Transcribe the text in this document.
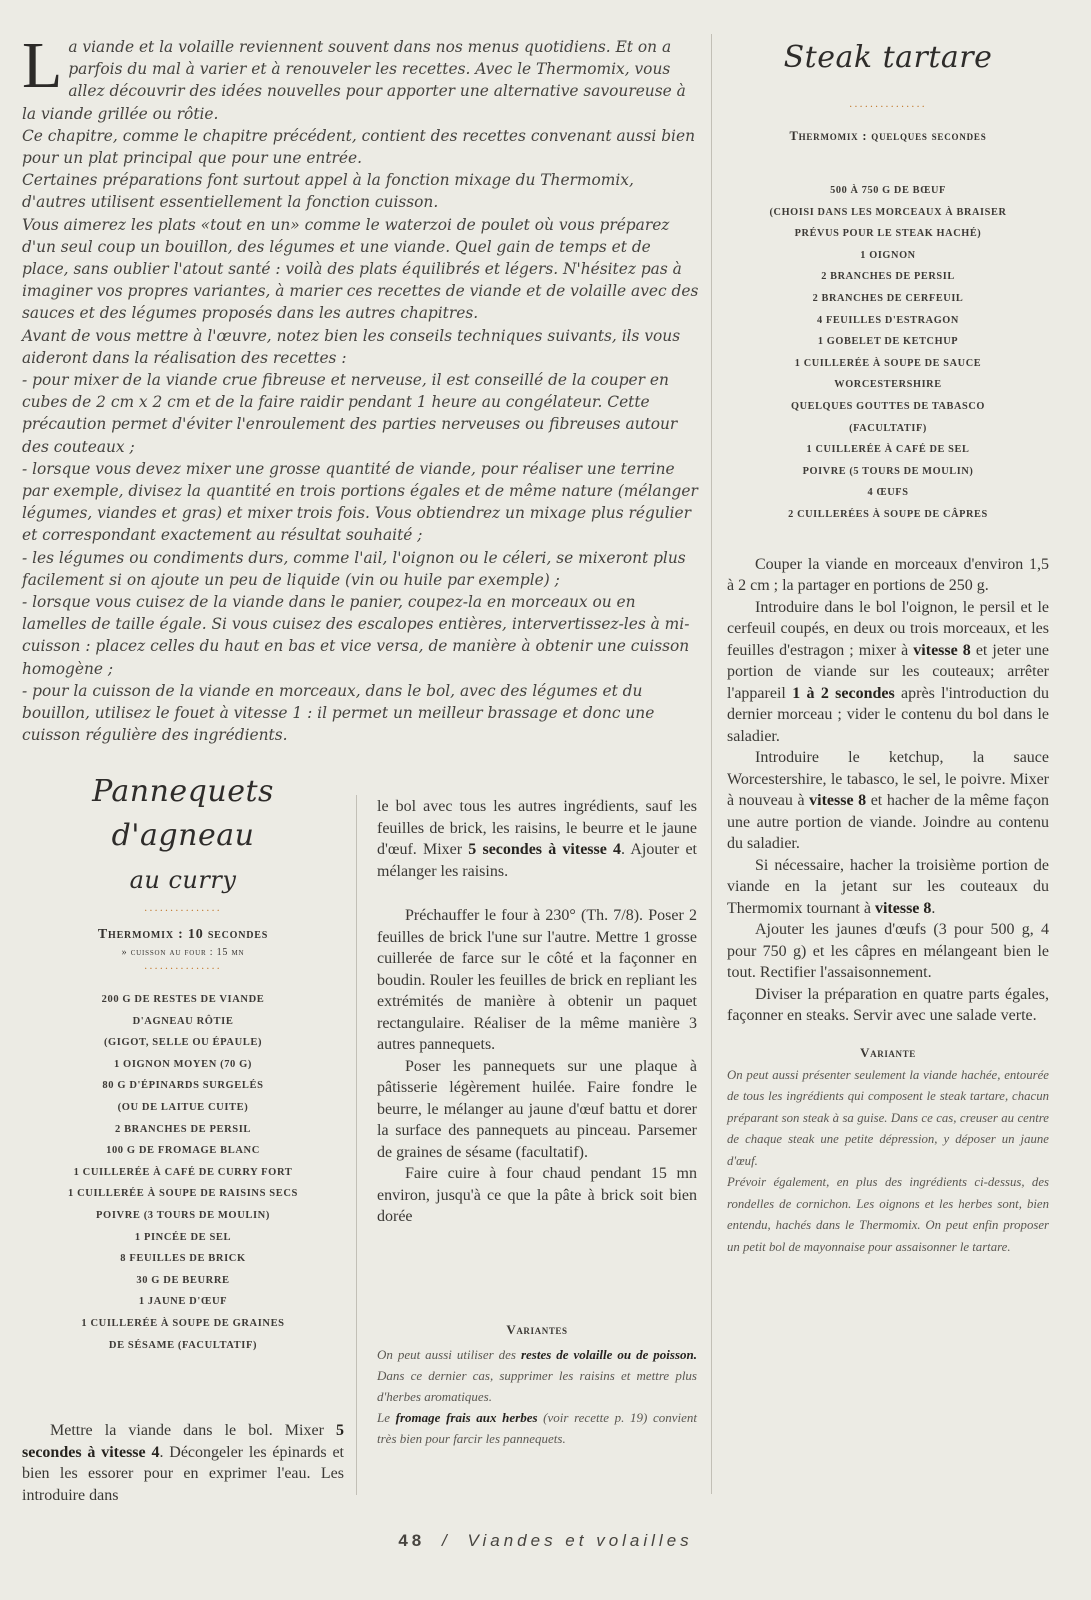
La viande et la volaille reviennent souvent dans nos menus quotidiens. Et on a parfois du mal à varier et à renouveler les recettes. Avec le Thermomix, vous allez découvrir des idées nouvelles pour apporter une alternative savoureuse à la viande grillée ou rôtie.

Ce chapitre, comme le chapitre précédent, contient des recettes convenant aussi bien pour un plat principal que pour une entrée.

Certaines préparations font surtout appel à la fonction mixage du Thermomix, d'autres utilisent essentiellement la fonction cuisson.

Vous aimerez les plats «tout en un» comme le waterzoi de poulet où vous préparez d'un seul coup un bouillon, des légumes et une viande. Quel gain de temps et de place, sans oublier l'atout santé : voilà des plats équilibrés et légers. N'hésitez pas à imaginer vos propres variantes, à marier ces recettes de viande et de volaille avec des sauces et des légumes proposés dans les autres chapitres.

Avant de vous mettre à l'œuvre, notez bien les conseils techniques suivants, ils vous aideront dans la réalisation des recettes :

- pour mixer de la viande crue fibreuse et nerveuse, il est conseillé de la couper en cubes de 2 cm x 2 cm et de la faire raidir pendant 1 heure au congélateur. Cette précaution permet d'éviter l'enroulement des parties nerveuses ou fibreuses autour des couteaux ;

- lorsque vous devez mixer une grosse quantité de viande, pour réaliser une terrine par exemple, divisez la quantité en trois portions égales et de même nature (mélanger légumes, viandes et gras) et mixer trois fois. Vous obtiendrez un mixage plus régulier et correspondant exactement au résultat souhaité ;

- les légumes ou condiments durs, comme l'ail, l'oignon ou le céleri, se mixeront plus facilement si on ajoute un peu de liquide (vin ou huile par exemple) ;

- lorsque vous cuisez de la viande dans le panier, coupez-la en morceaux ou en lamelles de taille égale. Si vous cuisez des escalopes entières, intervertissez-les à mi-cuisson : placez celles du haut en bas et vice versa, de manière à obtenir une cuisson homogène ;

- pour la cuisson de la viande en morceaux, dans le bol, avec des légumes et du bouillon, utilisez le fouet à vitesse 1 : il permet un meilleur brassage et donc une cuisson régulière des ingrédients.

Pannequets d'agneau
au curry
···············
Thermomix : 10 secondes
» cuisson au four : 15 mn
···············
200 G DE RESTES DE VIANDE
D'AGNEAU RÔTIE
(GIGOT, SELLE OU ÉPAULE)
1 OIGNON MOYEN (70 G)
80 G D'ÉPINARDS SURGELÉS
(OU DE LAITUE CUITE)
2 BRANCHES DE PERSIL
100 G DE FROMAGE BLANC
1 CUILLERÉE À CAFÉ DE CURRY FORT
1 CUILLERÉE À SOUPE DE RAISINS SECS
POIVRE (3 TOURS DE MOULIN)
1 PINCÉE DE SEL
8 FEUILLES DE BRICK
30 G DE BEURRE
1 JAUNE D'ŒUF
1 CUILLERÉE À SOUPE DE GRAINES
DE SÉSAME (FACULTATIF)

Mettre la viande dans le bol. Mixer 5 secondes à vitesse 4. Décongeler les épinards et bien les essorer pour en exprimer l'eau. Les introduire dans

Préchauffer le four à 230° (Th. 7/8). Poser 2 feuilles de brick l'une sur l'autre. Mettre 1 grosse cuillerée de farce sur le côté et la façonner en boudin. Rouler les feuilles de brick en repliant les extrémités de manière à obtenir un paquet rectangulaire. Réaliser de la même manière 3 autres pannequets.

Poser les pannequets sur une plaque à pâtisserie légèrement huilée. Faire fondre le beurre, le mélanger au jaune d'œuf battu et dorer la surface des pannequets au pinceau. Parsemer de graines de sésame (facultatif).

Faire cuire à four chaud pendant 15 mn environ, jusqu'à ce que la pâte à brick soit bien dorée

le bol avec tous les autres ingrédients, sauf les feuilles de brick, les raisins, le beurre et le jaune d'œuf. Mixer 5 secondes à vitesse 4. Ajouter et mélanger les raisins.

Variantes

On peut aussi utiliser des restes de volaille ou de poisson. Dans ce dernier cas, supprimer les raisins et mettre plus d'herbes aromatiques.

Le fromage frais aux herbes (voir recette p. 19) convient très bien pour farcir les pannequets.

Steak tartare
···············
Thermomix : quelques secondes
500 À 750 G DE BŒUF
(CHOISI DANS LES MORCEAUX À BRAISER
PRÉVUS POUR LE STEAK HACHÉ)
1 OIGNON
2 BRANCHES DE PERSIL
2 BRANCHES DE CERFEUIL
4 FEUILLES D'ESTRAGON
1 GOBELET DE KETCHUP
1 CUILLERÉE À SOUPE DE SAUCE
WORCESTERSHIRE
QUELQUES GOUTTES DE TABASCO
(FACULTATIF)
1 CUILLERÉE À CAFÉ DE SEL
POIVRE (5 TOURS DE MOULIN)
4 ŒUFS
2 CUILLERÉES À SOUPE DE CÂPRES

Couper la viande en morceaux d'environ 1,5 à 2 cm ; la partager en portions de 250 g.

Introduire dans le bol l'oignon, le persil et le cerfeuil coupés, en deux ou trois morceaux, et les feuilles d'estragon ; mixer à vitesse 8 et jeter une portion de viande sur les couteaux; arrêter l'appareil 1 à 2 secondes après l'introduction du dernier morceau ; vider le contenu du bol dans le saladier.

Introduire le ketchup, la sauce Worcestershire, le tabasco, le sel, le poivre. Mixer à nouveau à vitesse 8 et hacher de la même façon une autre portion de viande. Joindre au contenu du saladier.

Si nécessaire, hacher la troisième portion de viande en la jetant sur les couteaux du Thermomix tournant à vitesse 8.

Ajouter les jaunes d'œufs (3 pour 500 g, 4 pour 750 g) et les câpres en mélangeant bien le tout. Rectifier l'assaisonnement.

Diviser la préparation en quatre parts égales, façonner en steaks. Servir avec une salade verte.

Variante

On peut aussi présenter seulement la viande hachée, entourée de tous les ingrédients qui composent le steak tartare, chacun préparant son steak à sa guise. Dans ce cas, creuser au centre de chaque steak une petite dépression, y déposer un jaune d'œuf.

Prévoir également, en plus des ingrédients ci-dessus, des rondelles de cornichon. Les oignons et les herbes sont, bien entendu, hachés dans le Thermomix. On peut enfin proposer un petit bol de mayonnaise pour assaisonner le tartare.

48 / Viandes et volailles
